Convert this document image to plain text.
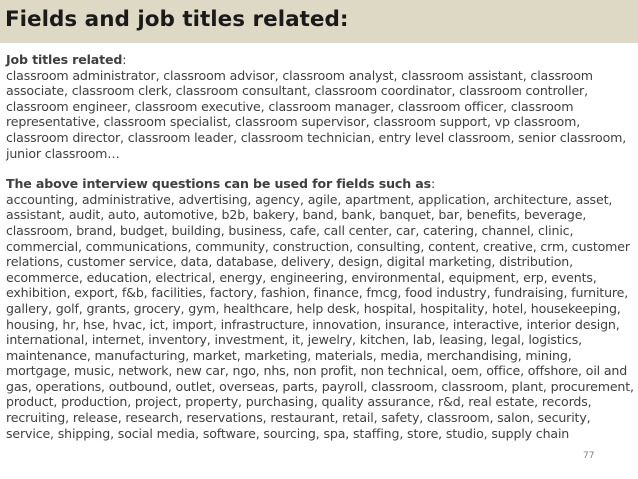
Fields and job titles related:

Job titles related:

classroom administrator, classroom advisor, classroom analyst, classroom assistant, classroom associate, classroom clerk, classroom consultant, classroom coordinator, classroom controller, classroom engineer, classroom executive, classroom manager, classroom officer, classroom representative, classroom specialist, classroom supervisor, classroom support, vp classroom, classroom director, classroom leader, classroom technician, entry level classroom, senior classroom, junior classroom…

The above interview questions can be used for fields such as:

accounting, administrative, advertising, agency, agile, apartment, application, architecture, asset, assistant, audit, auto, automotive, b2b, bakery, band, bank, banquet, bar, benefits, beverage, classroom, brand, budget, building, business, cafe, call center, car, catering, channel, clinic, commercial, communications, community, construction, consulting, content, creative, crm, customer relations, customer service, data, database, delivery, design, digital marketing, distribution, ecommerce, education, electrical, energy, engineering, environmental, equipment, erp, events, exhibition, export, f&b, facilities, factory, fashion, finance, fmcg, food industry, fundraising, furniture, gallery, golf, grants, grocery, gym, healthcare, help desk, hospital, hospitality, hotel, housekeeping, housing, hr, hse, hvac, ict, import, infrastructure, innovation, insurance, interactive, interior design, international, internet, inventory, investment, it, jewelry, kitchen, lab, leasing, legal, logistics, maintenance, manufacturing, market, marketing, materials, media, merchandising, mining, mortgage, music, network, new car, ngo, nhs, non profit, non technical, oem, office, offshore, oil and gas, operations, outbound, outlet, overseas, parts, payroll, classroom, classroom, plant, procurement, product, production, project, property, purchasing, quality assurance, r&d, real estate, records, recruiting, release, research, reservations, restaurant, retail, safety, classroom, salon, security, service, shipping, social media, software, sourcing, spa, staffing, store, studio, supply chain

77
